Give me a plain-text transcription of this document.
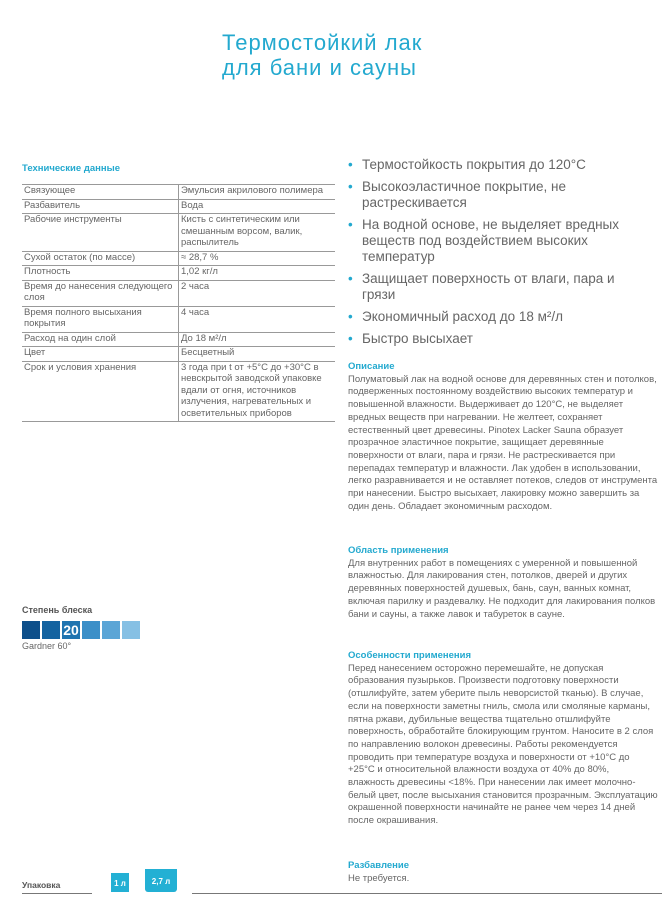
Термостойкий лак
для бани и сауны
Технические данные
Связующее	Эмульсия акрилового полимера
Разбавитель	Вода
Рабочие инструменты	Кисть с синтетическим или смешанным ворсом, валик, распылитель
Сухой остаток (по массе)	≈ 28,7 %
Плотность	1,02 кг/л
Время до нанесения следующего слоя	2 часа
Время полного высыхания покрытия	4 часа
Расход на один слой	До 18 м²/л
Цвет	Бесцветный
Срок и условия хранения	3 года при t от +5°C до +30°C в невскрытой заводской упаковке вдали от огня, источников излучения, нагревательных и осветительных приборов
• Термостойкость покрытия до 120°С
• Высокоэластичное покрытие, не растрескивается
• На водной основе, не выделяет вредных веществ под воздействием высоких температур
• Защищает поверхность от влаги, пара и грязи
• Экономичный расход до 18 м²/л
• Быстро высыхает
Описание

Полуматовый лак на водной основе для деревянных стен и потолков, подверженных постоянному воздействию высоких температур и повышенной влажности. Выдерживает до 120°C, не выделяет вредных веществ при нагревании. Не желтеет, сохраняет естественный цвет древесины. Pinotex Lacker Sauna образует прозрачное эластичное покрытие, защищает деревянные поверхности от влаги, пара и грязи. Не растрескивается при перепадах температур и влажности. Лак удобен в использовании, легко разравнивается и не оставляет потеков, следов от инструмента при нанесении. Быстро высыхает, лакировку можно завершить за один день. Обладает экономичным расходом.

Область применения

Для внутренних работ в помещениях с умеренной и повышенной влажностью. Для лакирования стен, потолков, дверей и других деревянных поверхностей душевых, бань, саун, ванных комнат, включая парилку и раздевалку. Не подходит для лакирования полков бани и сауны, а также лавок и табуреток в сауне.

Особенности применения

Перед нанесением осторожно перемешайте, не допуская образования пузырьков. Произвести подготовку поверхности (отшлифуйте, затем уберите пыль неворсистой тканью). В случае, если на поверхности заметны гниль, смола или смоляные карманы, пятна ржави, дубильные вещества тщательно отшлифуйте поверхность, обработайте блокирующим грунтом. Наносите в 2 слоя по направлению волокон древесины. Работы рекомендуется проводить при температуре воздуха и поверхности от +10°C до +25°C и относительной влажности воздуха от 40% до 80%, влажность древесины <18%. При нанесении лак имеет молочно-белый цвет, после высыхания становится прозрачным. Эксплуатацию окрашенной поверхности начинайте не ранее чем через 14 дней после окрашивания.

Разбавление

Не требуется.

Степень блеска
20
Gardner 60°
Упаковка	1 л	2,7 л
